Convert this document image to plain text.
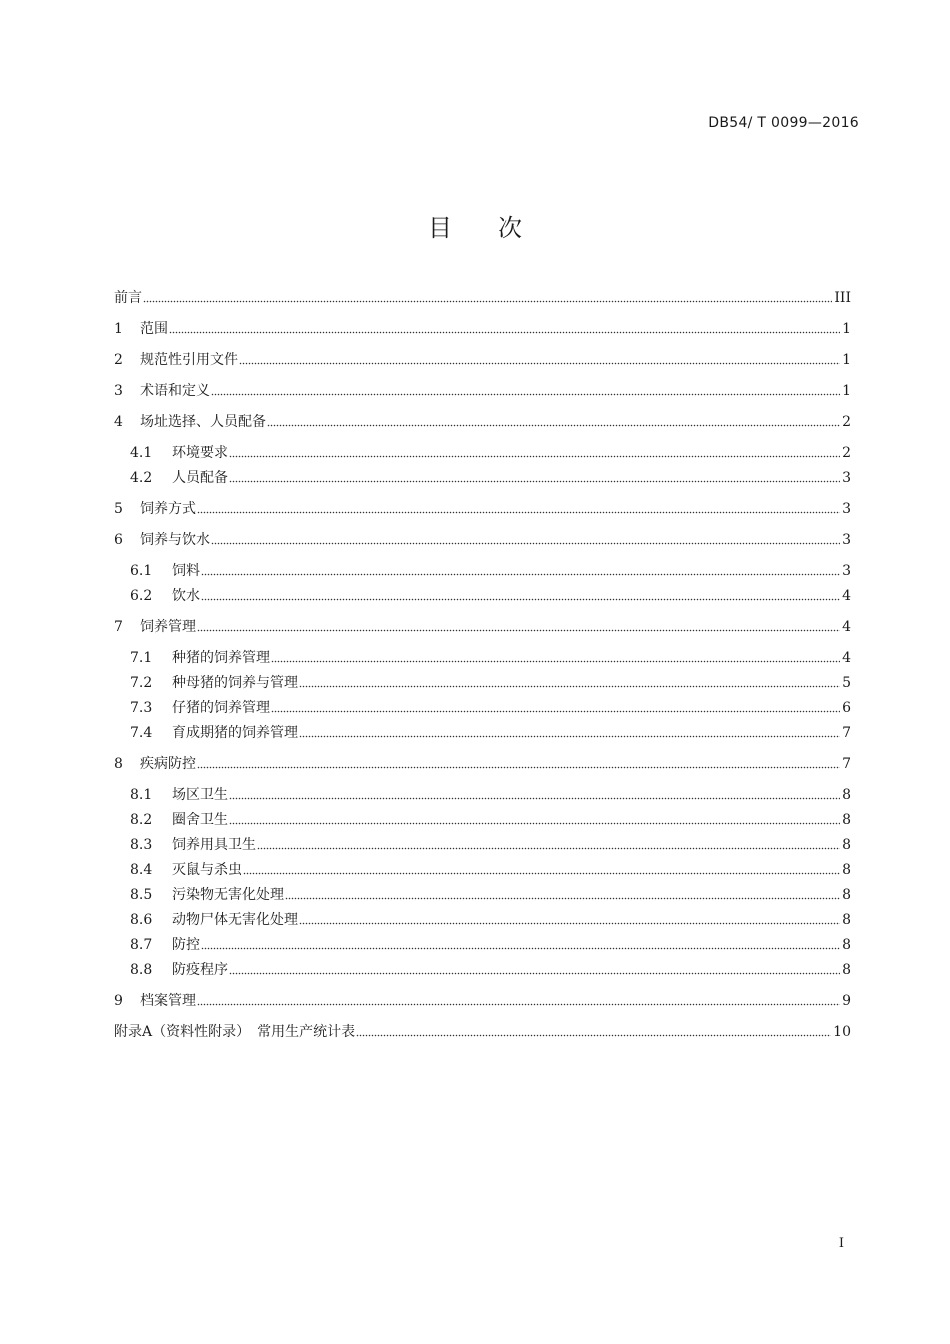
DB54/ T 0099—2016
目次
前言	III
1	范围	1
2	规范性引用文件	1
3	术语和定义	1
4	场址选择、人员配备	2
4.1	环境要求	2
4.2	人员配备	3
5	饲养方式	3
6	饲养与饮水	3
6.1	饲料	3
6.2	饮水	4
7	饲养管理	4
7.1	种猪的饲养管理	4
7.2	种母猪的饲养与管理	5
7.3	仔猪的饲养管理	6
7.4	育成期猪的饲养管理	7
8	疾病防控	7
8.1	场区卫生	8
8.2	圈舍卫生	8
8.3	饲养用具卫生	8
8.4	灭鼠与杀虫	8
8.5	污染物无害化处理	8
8.6	动物尸体无害化处理	8
8.7	防控	8
8.8	防疫程序	8
9	档案管理	9
附录A（资料性附录）　常用生产统计表	10
I
